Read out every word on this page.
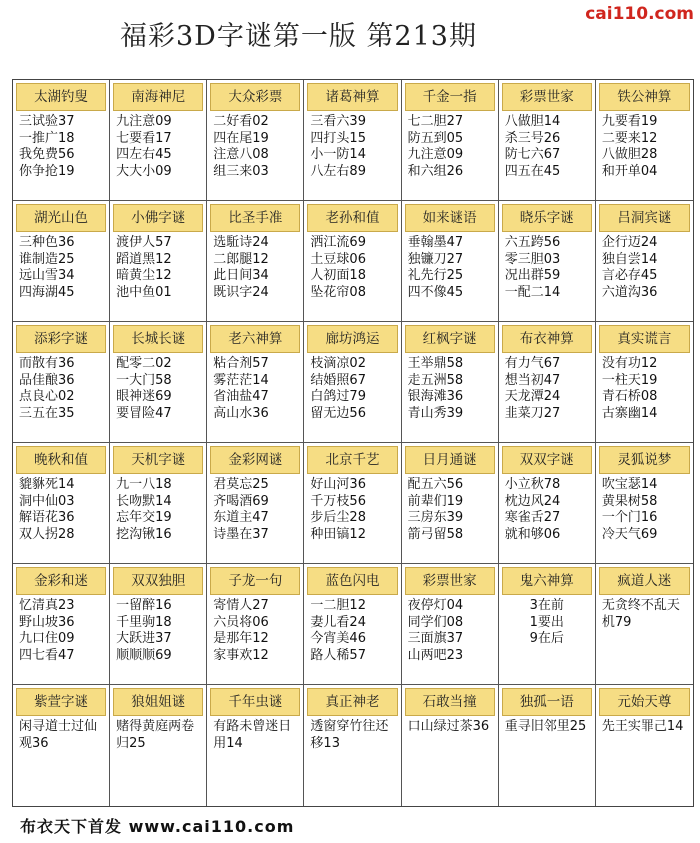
福彩3D字谜第一版 第213期
cai110.com
太湖钓叟
三试验37
一推广18
我免费56
你争抢19
南海神尼
九注意09
七要看17
四左右45
大大小09
大众彩票
二好看02
四在尾19
注意八08
组三来03
诸葛神算
三看六39
四打头15
小一防14
八左右89
千金一指
七二胆27
防五到05
九注意09
和六组26
彩票世家
八做胆14
杀三号26
防七六67
四五在45
铁公神算
九要看19
二要来12
八做胆28
和开单04
湖光山色
三种色36
谁制造25
远山雪34
四海湖45
小佛字谜
渡伊人57
蹈道黑12
暗黄尘12
池中鱼01
比圣手准
选駈诗24
二郎腿12
此日间34
既识字24
老孙和值
洒江流69
土豆球06
人初面18
坠花帘08
如来谜语
垂翰墨47
独镰刀27
礼先行25
四不像45
晓乐字谜
六五跨56
零三胆03
况出群59
一配二14
吕洞宾谜
企行迈24
独自尝14
言必存45
六道沟36
添彩字谜
而散有36
品佳酿36
点良心02
三五在35
长城长谜
配零二02
一大门58
眼神迷69
要冒险47
老六神算
粘合剂57
雾茫茫14
省油盐47
高山水36
廊坊鸿运
枝滴凉02
结婚照67
白鸽过79
留无边56
红枫字谜
王举鼎58
走五洲58
银海滩36
青山秀39
布衣神算
有力气67
想当初47
天龙潭24
韭菜刀27
真实谎言
没有功12
一柱天19
青石桥08
古寨幽14
晚秋和值
貔貅死14
洞中仙03
解语花36
双人拐28
天机字谜
九一八18
长吻默14
忘年交19
挖沟锹16
金彩网谜
君莫忘25
齐喝酒69
东道主47
诗墨在37
北京千艺
好山河36
千万枝56
步后尘28
种田镐12
日月通谜
配五六56
前辈们19
三房东39
箭弓留58
双双字谜
小立秋78
枕边风24
寒雀舌27
就和够06
灵狐说梦
吹宝瑟14
黄果树58
一个门16
冷天气69
金彩和迷
忆清真23
野山坡36
九口住09
四七看47
双双独胆
一留醉16
千里驹18
大跃进37
顺顺顺69
子龙一句
寄情人27
六员将06
是那年12
家事欢12
蓝色闪电
一二胆12
妻儿看24
今宵美46
路人稀57
彩票世家
夜停灯04
同学们08
三面旗37
山两吧23
鬼六神算
3在前
1要出
9在后
疯道人迷
无贪终不乱天机79
紫萱字谜
闲寻道士过仙观36
狼姐姐谜
赌得黄庭两卷归25
千年虫谜
有路未曾迷日用14
真正神老
透窗穿竹往还移13
石敢当撞
口山绿过茶36
独孤一语
重寻旧邻里25
元始天尊
先王实罪己14
布衣天下首发 www.cai110.com
